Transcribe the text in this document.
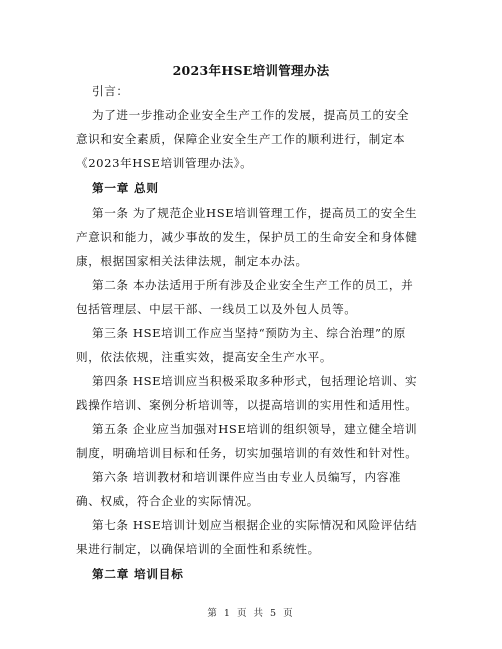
2023年HSE培训管理办法
引言：
为了进一步推动企业安全生产工作的发展，提高员工的安全
意识和安全素质，保障企业安全生产工作的顺利进行，制定本
《2023年HSE培训管理办法》。
第一章 总则
第一条 为了规范企业HSE培训管理工作，提高员工的安全生
产意识和能力，减少事故的发生，保护员工的生命安全和身体健
康，根据国家相关法律法规，制定本办法。
第二条 本办法适用于所有涉及企业安全生产工作的员工，并
包括管理层、中层干部、一线员工以及外包人员等。
第三条 HSE培训工作应当坚持“预防为主、综合治理”的原
则，依法依规，注重实效，提高安全生产水平。
第四条 HSE培训应当积极采取多种形式，包括理论培训、实
践操作培训、案例分析培训等，以提高培训的实用性和适用性。
第五条 企业应当加强对HSE培训的组织领导，建立健全培训
制度，明确培训目标和任务，切实加强培训的有效性和针对性。
第六条 培训教材和培训课件应当由专业人员编写，内容准
确、权威，符合企业的实际情况。
第七条 HSE培训计划应当根据企业的实际情况和风险评估结
果进行制定，以确保培训的全面性和系统性。
第二章 培训目标
第 1 页 共 5 页
